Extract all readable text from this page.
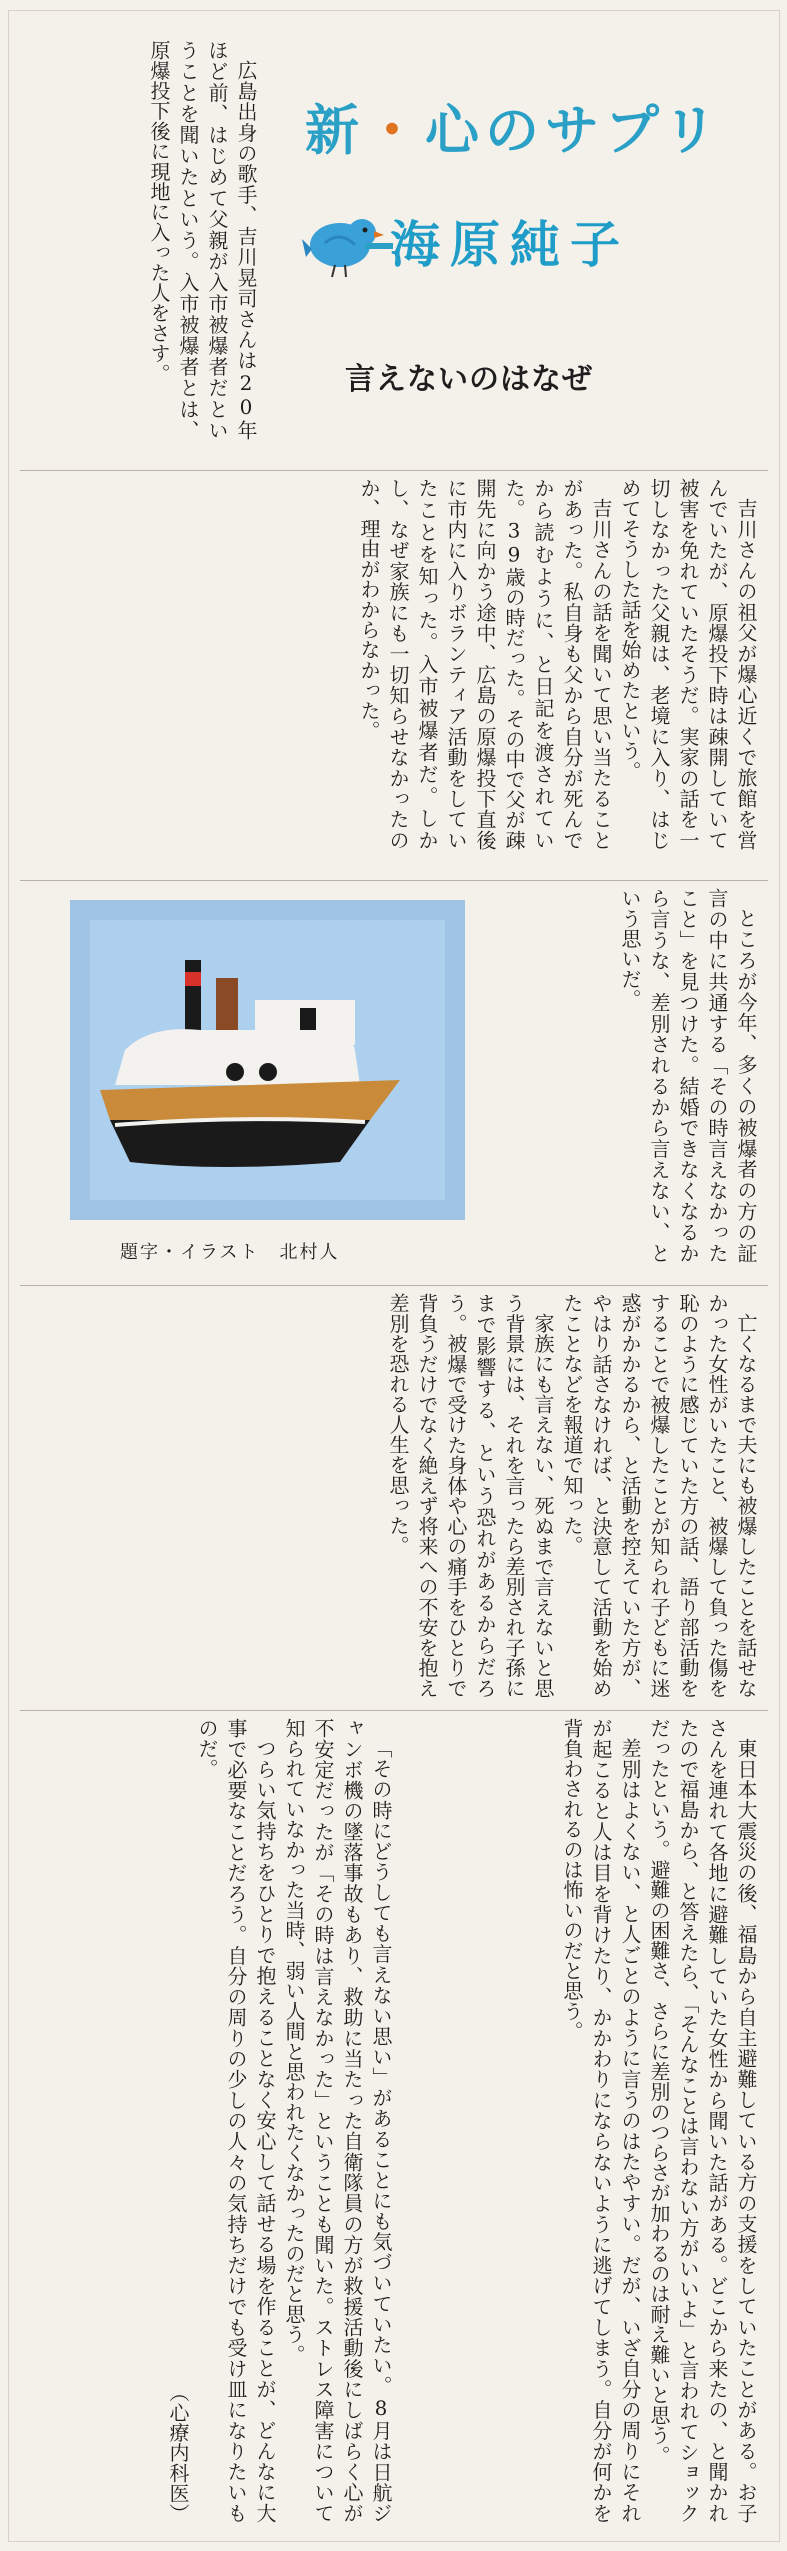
新・心のサプリ
海原純子
言えないのはなぜ

広島出身の歌手、吉川晃司さんは20年ほど前、はじめて父親が入市被爆者だということを聞いたという。入市被爆者とは、原爆投下後に現地に入った人をさす。

吉川さんの祖父が爆心近くで旅館を営んでいたが、原爆投下時は疎開していて被害を免れていたそうだ。実家の話を一切しなかった父親は、老境に入り、はじめてそうした話を始めたという。

吉川さんの話を聞いて思い当たることがあった。私自身も父から自分が死んでから読むように、と日記を渡されていた。39歳の時だった。その中で父が疎開先に向かう途中、広島の原爆投下直後に市内に入りボランティア活動をしていたことを知った。入市被爆者だ。しかし、なぜ家族にも一切知らせなかったのか、理由がわからなかった。

ところが今年、多くの被爆者の方の証言の中に共通する「その時言えなかったこと」を見つけた。結婚できなくなるから言うな、差別されるから言えない、という思いだ。

題字・イラスト　北村人

亡くなるまで夫にも被爆したことを話せなかった女性がいたこと、被爆して負った傷を恥のように感じていた方の話、語り部活動をすることで被爆したことが知られ子どもに迷惑がかかるから、と活動を控えていた方が、やはり話さなければ、と決意して活動を始めたことなどを報道で知った。

家族にも言えない、死ぬまで言えないと思う背景には、それを言ったら差別され子孫にまで影響する、という恐れがあるからだろう。被爆で受けた身体や心の痛手をひとりで背負うだけでなく絶えず将来への不安を抱え差別を恐れる人生を思った。

東日本大震災の後、福島から自主避難している方の支援をしていたことがある。お子さんを連れて各地に避難していた女性から聞いた話がある。どこから来たの、と聞かれたので福島から、と答えたら、「そんなことは言わない方がいいよ」と言われてショックだったという。避難の困難さ、さらに差別のつらさが加わるのは耐え難いと思う。

差別はよくない、と人ごとのように言うのはたやすい。だが、いざ自分の周りにそれが起こると人は目を背けたり、かかわりにならないように逃げてしまう。自分が何かを背負わされるのは怖いのだと思う。

「その時にどうしても言えない思い」があることにも気づいていたい。8月は日航ジャンボ機の墜落事故もあり、救助に当たった自衛隊員の方が救援活動後にしばらく心が不安定だったが「その時は言えなかった」ということも聞いた。ストレス障害について知られていなかった当時、弱い人間と思われたくなかったのだと思う。

つらい気持ちをひとりで抱えることなく安心して話せる場を作ることが、どんなに大事で必要なことだろう。自分の周りの少しの人々の気持ちだけでも受け皿になりたいものだ。

（心療内科医）
